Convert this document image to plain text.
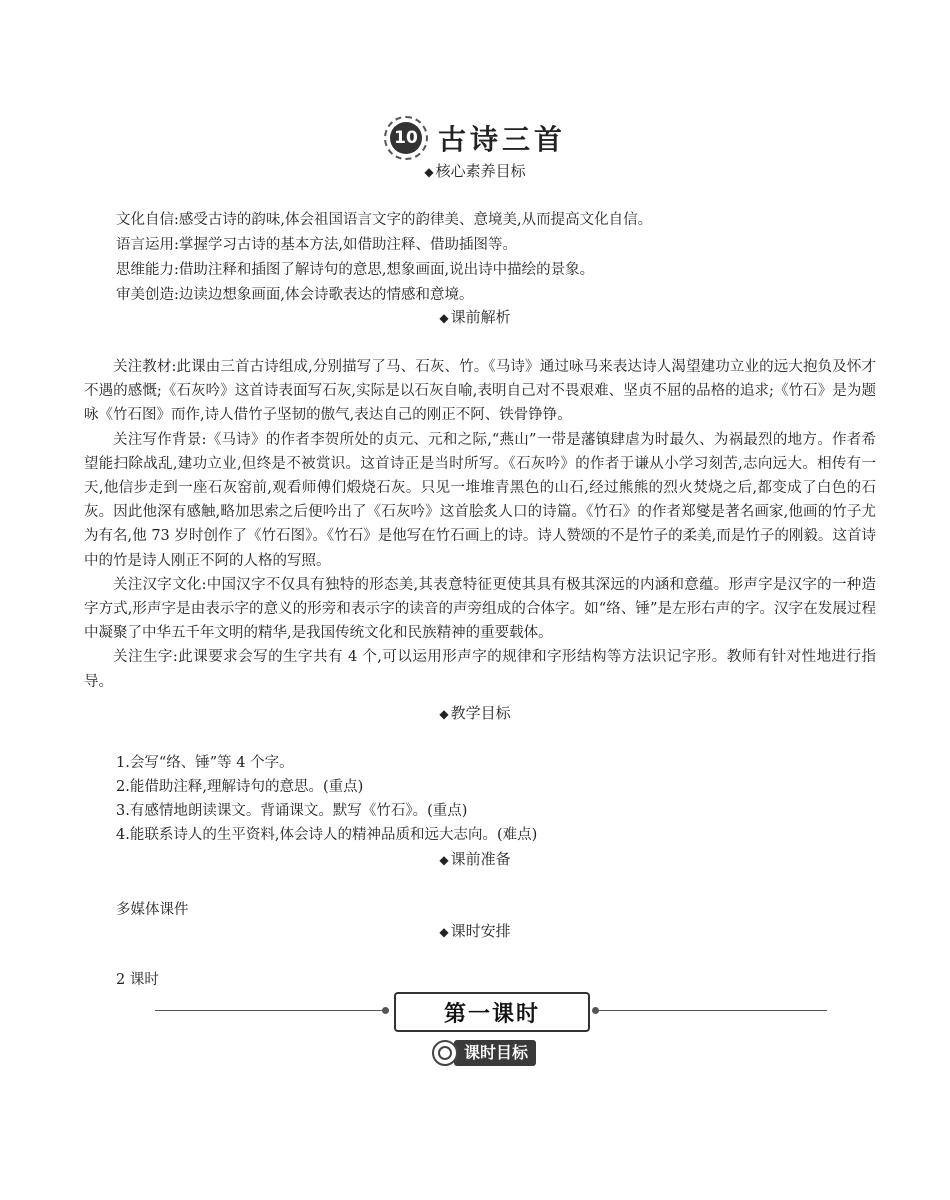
10 古诗三首
◆ 核心素养目标
文化自信:感受古诗的韵味,体会祖国语言文字的韵律美、意境美,从而提高文化自信。
语言运用:掌握学习古诗的基本方法,如借助注释、借助插图等。
思维能力:借助注释和插图了解诗句的意思,想象画面,说出诗中描绘的景象。
审美创造:边读边想象画面,体会诗歌表达的情感和意境。
◆ 课前解析

关注教材:此课由三首古诗组成,分别描写了马、石灰、竹。《马诗》通过咏马来表达诗人渴望建功立业的远大抱负及怀才不遇的感慨;《石灰吟》这首诗表面写石灰,实际是以石灰自喻,表明自己对不畏艰难、坚贞不屈的品格的追求;《竹石》是为题咏《竹石图》而作,诗人借竹子坚韧的傲气,表达自己的刚正不阿、铁骨铮铮。

关注写作背景:《马诗》的作者李贺所处的贞元、元和之际,“燕山”一带是藩镇肆虐为时最久、为祸最烈的地方。作者希望能扫除战乱,建功立业,但终是不被赏识。这首诗正是当时所写。《石灰吟》的作者于谦从小学习刻苦,志向远大。相传有一天,他信步走到一座石灰窑前,观看师傅们煅烧石灰。只见一堆堆青黑色的山石,经过熊熊的烈火焚烧之后,都变成了白色的石灰。因此他深有感触,略加思索之后便吟出了《石灰吟》这首脍炙人口的诗篇。《竹石》的作者郑燮是著名画家,他画的竹子尤为有名,他 73 岁时创作了《竹石图》。《竹石》是他写在竹石画上的诗。诗人赞颂的不是竹子的柔美,而是竹子的刚毅。这首诗中的竹是诗人刚正不阿的人格的写照。

关注汉字文化:中国汉字不仅具有独特的形态美,其表意特征更使其具有极其深远的内涵和意蕴。形声字是汉字的一种造字方式,形声字是由表示字的意义的形旁和表示字的读音的声旁组成的合体字。如“络、锤”是左形右声的字。汉字在发展过程中凝聚了中华五千年文明的精华,是我国传统文化和民族精神的重要载体。

关注生字:此课要求会写的生字共有 4 个,可以运用形声字的规律和字形结构等方法识记字形。教师有针对性地进行指导。

◆ 教学目标
1.会写“络、锤”等 4 个字。
2.能借助注释,理解诗句的意思。(重点)
3.有感情地朗读课文。背诵课文。默写《竹石》。(重点)
4.能联系诗人的生平资料,体会诗人的精神品质和远大志向。(难点)
◆ 课前准备
多媒体课件
◆ 课时安排
2 课时
第一课时
课时目标
